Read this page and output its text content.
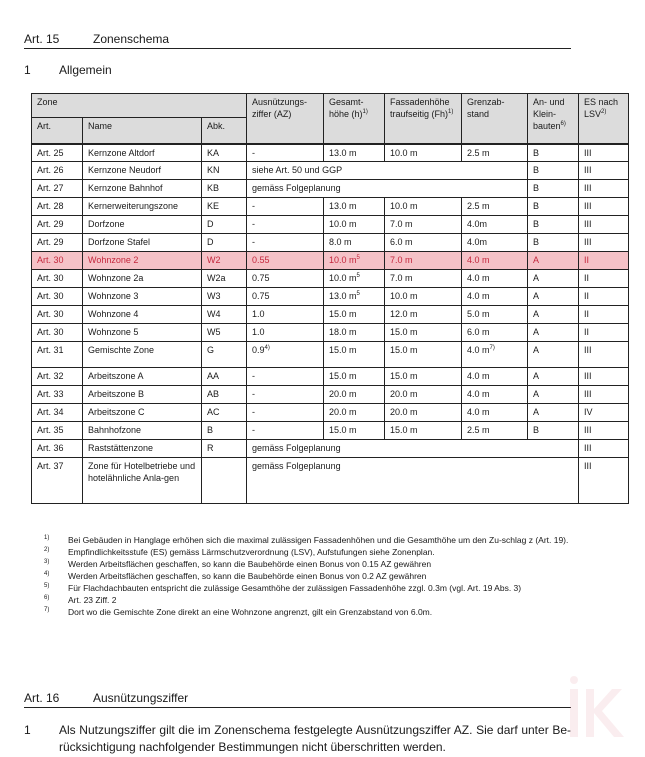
Art. 15	Zonenschema
1 Allgemein
Zone			Ausnützungs-ziffer (AZ)	Gesamt-höhe $(h)^{1)}$	Fassadenhöhe traufseitig $(Fh)^{1)}$	Grenzab-stand	An- und Klein-bauten$^{6)}$	ES nach LSV$^{2)}$
Art.	Name	Abk.						
Art. 25	Kernzone Altdorf	KA	-	13.0 m	10.0 m	2.5 m	B	III
Art. 26	Kernzone Neudorf	KN	siehe Art. 50 und GGP				B	III
Art. 27	Kernzone Bahnhof	KB	gemäss Folgeplanung				B	III
Art. 28	Kernerweiterungszone	KE	-	13.0 m	10.0 m	2.5 m	B	III
Art. 29	Dorfzone	D	-	10.0 m	7.0 m	4.0m	B	III
Art. 29	Dorfzone Stafel	D	-	8.0 m	6.0 m	4.0m	B	III
Art. 30	Wohnzone 2	W2	0.55	10.0 $m^5$	7.0 m	4.0 m	A	II
Art. 30	Wohnzone 2a	W2a	0.75	10.0 $m^5$	7.0 m	4.0 m	A	II
Art. 30	Wohnzone 3	W3	0.75	13.0 $m^5$	10.0 m	4.0 m	A	II
Art. 30	Wohnzone 4	W4	1.0	15.0 m	12.0 m	5.0 m	A	II
Art. 30	Wohnzone 5	W5	1.0	18.0 m	15.0 m	6.0 m	A	II
Art. 31	Gemischte Zone	G	0.9$^{4)}$	15.0 m	15.0 m	4.0 $m^{7)}$	A	III
Art. 32	Arbeitszone A	AA	-	15.0 m	15.0 m	4.0 m	A	III
Art. 33	Arbeitszone B	AB	-	20.0 m	20.0 m	4.0 m	A	III
Art. 34	Arbeitszone C	AC	-	20.0 m	20.0 m	4.0 m	A	IV
Art. 35	Bahnhofzone	B	-	15.0 m	15.0 m	2.5 m	B	III
Art. 36	Raststättenzone	R	gemäss Folgeplanung					III
Art. 37	Zone für Hotelbetriebe und hotelähnliche Anla-gen		gemäss Folgeplanung					III
1) Bei Gebäuden in Hanglage erhöhen sich die maximal zulässigen Fassadenhöhen und die Gesamthöhe um den Zu-schlag z (Art. 19).
2) Empfindlichkeitsstufe (ES) gemäss Lärmschutzverordnung (LSV), Aufstufungen siehe Zonenplan.
3) Werden Arbeitsflächen geschaffen, so kann die Baubehörde einen Bonus von 0.15 AZ gewähren
4) Werden Arbeitsflächen geschaffen, so kann die Baubehörde einen Bonus von 0.2 AZ gewähren
5) Für Flachdachbauten entspricht die zulässige Gesamthöhe der zulässigen Fassadenhöhe zzgl. 0.3m (vgl. Art. 19 Abs. 3)
6) Art. 23 Ziff. 2
7) Dort wo die Gemischte Zone direkt an eine Wohnzone angrenzt, gilt ein Grenzabstand von 6.0m.
Art. 16	Ausnützungsziffer
1 Als Nutzungsziffer gilt die im Zonenschema festgelegte Ausnützungsziffer AZ. Sie darf unter Be-rücksichtigung nachfolgender Bestimmungen nicht überschritten werden.
